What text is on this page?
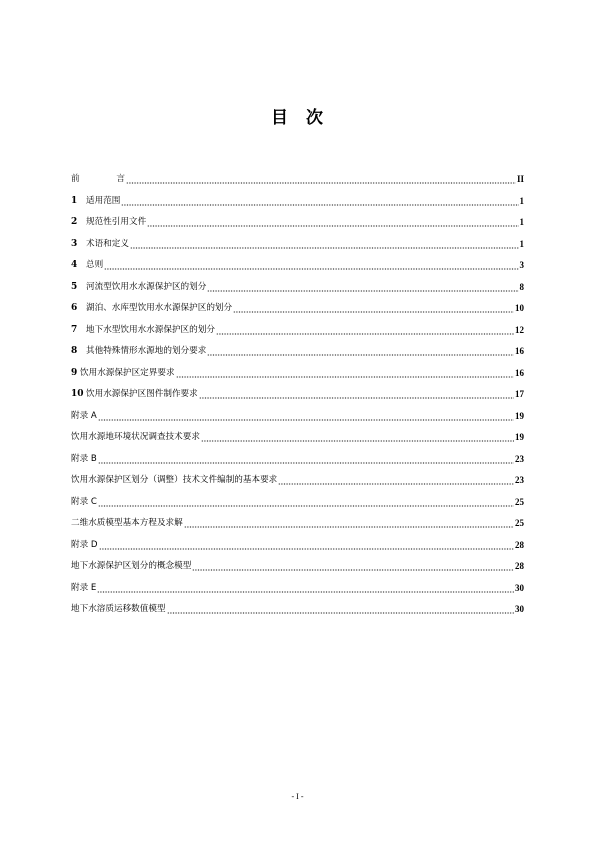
目 次
前	言	II
1	适用范围	1
2	规范性引用文件	1
3	术语和定义	1
4	总则	3
5	河流型饮用水水源保护区的划分	8
6	湖泊、水库型饮用水水源保护区的划分	10
7	地下水型饮用水水源保护区的划分	12
8	其他特殊情形水源地的划分要求	16
9 饮用水源保护区定界要求	16
10 饮用水源保护区图件制作要求	17
附录 A	19
饮用水源地环境状况调查技术要求	19
附录 B	23
饮用水源保护区划分（调整）技术文件编制的基本要求	23
附录 C	25
二维水质模型基本方程及求解	25
附录 D	28
地下水源保护区划分的概念模型	28
附录 E	30
地下水溶质运移数值模型	30
- I -
